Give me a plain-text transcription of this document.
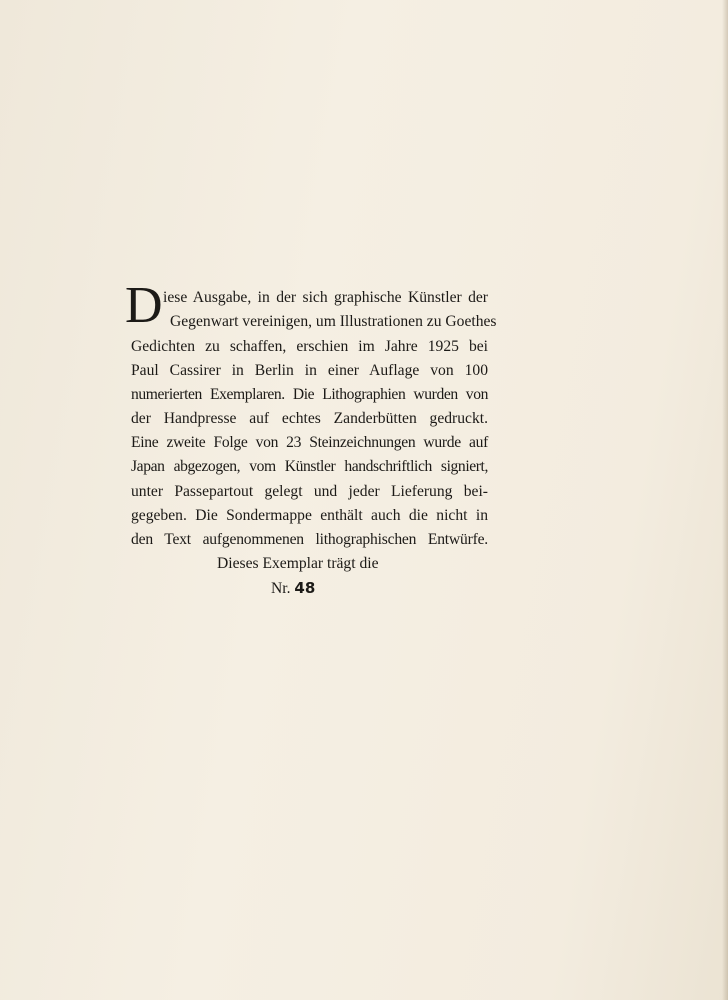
D iese Ausgabe, in der sich graphische Künstler der
Gegenwart vereinigen, um Illustrationen zu Goethes
Gedichten zu schaffen, erschien im Jahre 1925 bei
Paul Cassirer in Berlin in einer Auflage von 100
numerierten Exemplaren. Die Lithographien wurden von
der Handpresse auf echtes Zanderbütten gedruckt.
Eine zweite Folge von 23 Steinzeichnungen wurde auf
Japan abgezogen, vom Künstler handschriftlich signiert,
unter Passepartout gelegt und jeder Lieferung bei-
gegeben. Die Sondermappe enthält auch die nicht in
den Text aufgenommenen lithographischen Entwürfe.
Dieses Exemplar trägt die
Nr. 48
